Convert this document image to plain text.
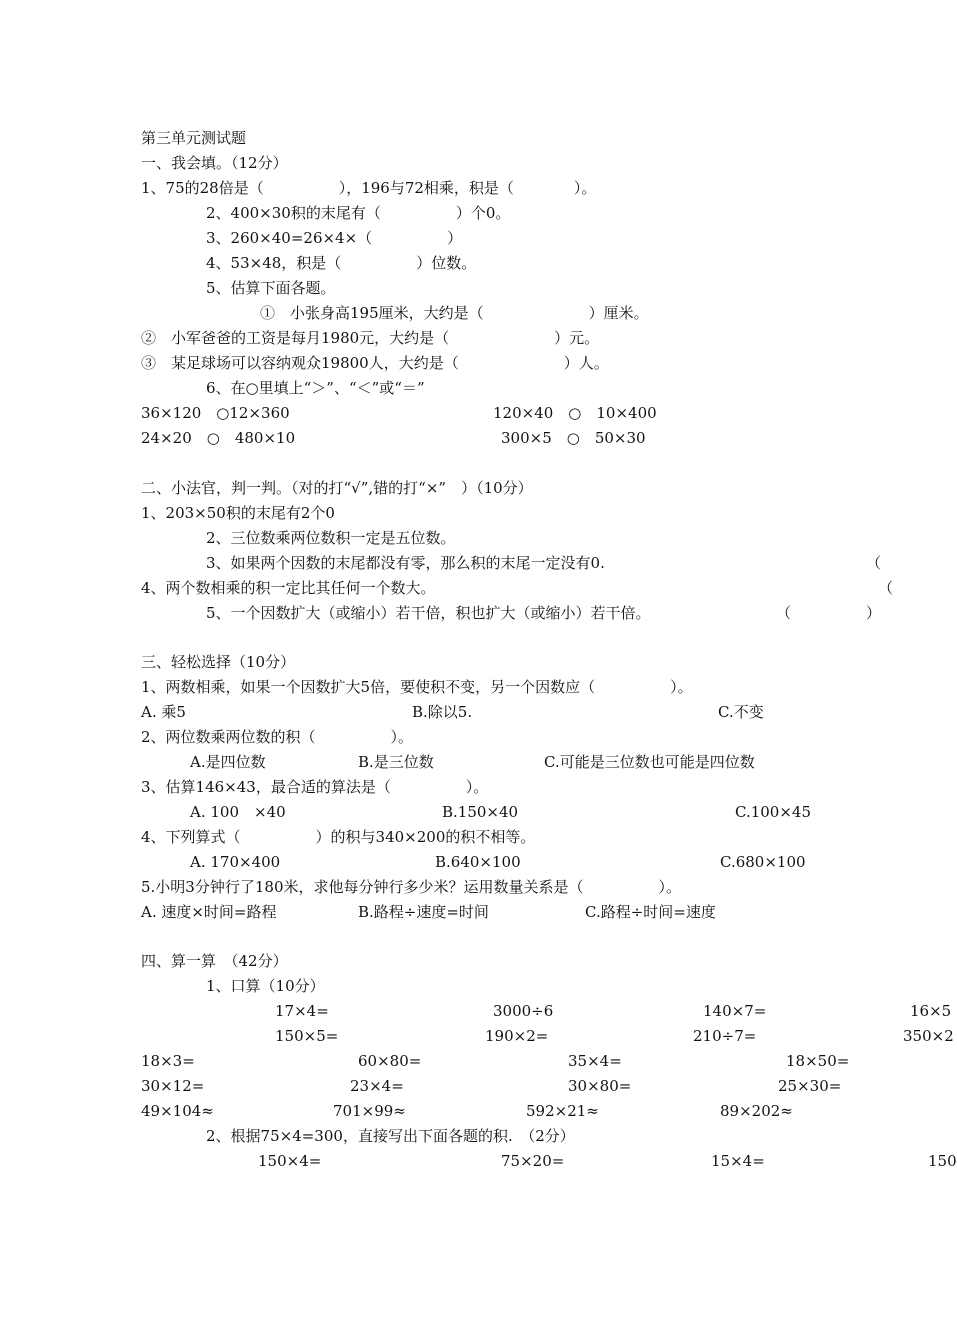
第三单元测试题
一、我会填。（12分）
1、75的28倍是（　　　　　），196与72相乘，积是（　　　　）。
2、400×30积的末尾有（　　　　　）个0。
3、260×40=26×4×（　　　　　）
4、53×48，积是（　　　　　）位数。
5、估算下面各题。
①　小张身高195厘米，大约是（　　　　　　　）厘米。
②　小军爸爸的工资是每月1980元，大约是（　　　　　　　）元。
③　某足球场可以容纳观众19800人，大约是（　　　　　　　）人。
6、在○里填上“＞”、“＜”或“＝”
36×120　○12×360	120×40　○　10×400
24×20　○　480×10	300×5　○　50×30
二、小法官，判一判。（对的打“√”,错的打“×”　）（10分）
1、203×50积的末尾有2个0
2、三位数乘两位数积一定是五位数。
3、如果两个因数的末尾都没有零，那么积的末尾一定没有0.	（
4、两个数相乘的积一定比其任何一个数大。	（
5、一个因数扩大（或缩小）若干倍，积也扩大（或缩小）若干倍。	（　　　　　）
三、轻松选择（10分）
1、两数相乘，如果一个因数扩大5倍，要使积不变，另一个因数应（　　　　　）。
A. 乘5	B.除以5.	C.不变
2、两位数乘两位数的积（　　　　　）。
A.是四位数	B.是三位数	C.可能是三位数也可能是四位数
3、估算146×43，最合适的算法是（　　　　　）。
A. 100　×40	B.150×40	C.100×45
4、下列算式（　　　　　）的积与340×200的积不相等。
A. 170×400	B.640×100	C.680×100
5.小明3分钟行了180米，求他每分钟行多少米？运用数量关系是（　　　　　）。
A. 速度×时间=路程	B.路程÷速度=时间	C.路程÷时间=速度
四、算一算　（42分）
1、口算（10分）
17×4=	3000÷6	140×7=	16×5
150×5=	190×2=	210÷7=	350×2
18×3=	60×80=	35×4=	18×50=
30×12=	23×4=	30×80=	25×30=
49×104≈	701×99≈	592×21≈	89×202≈
2、根据75×4=300，直接写出下面各题的积.　（2分）
150×4=	75×20=	15×4=	150
